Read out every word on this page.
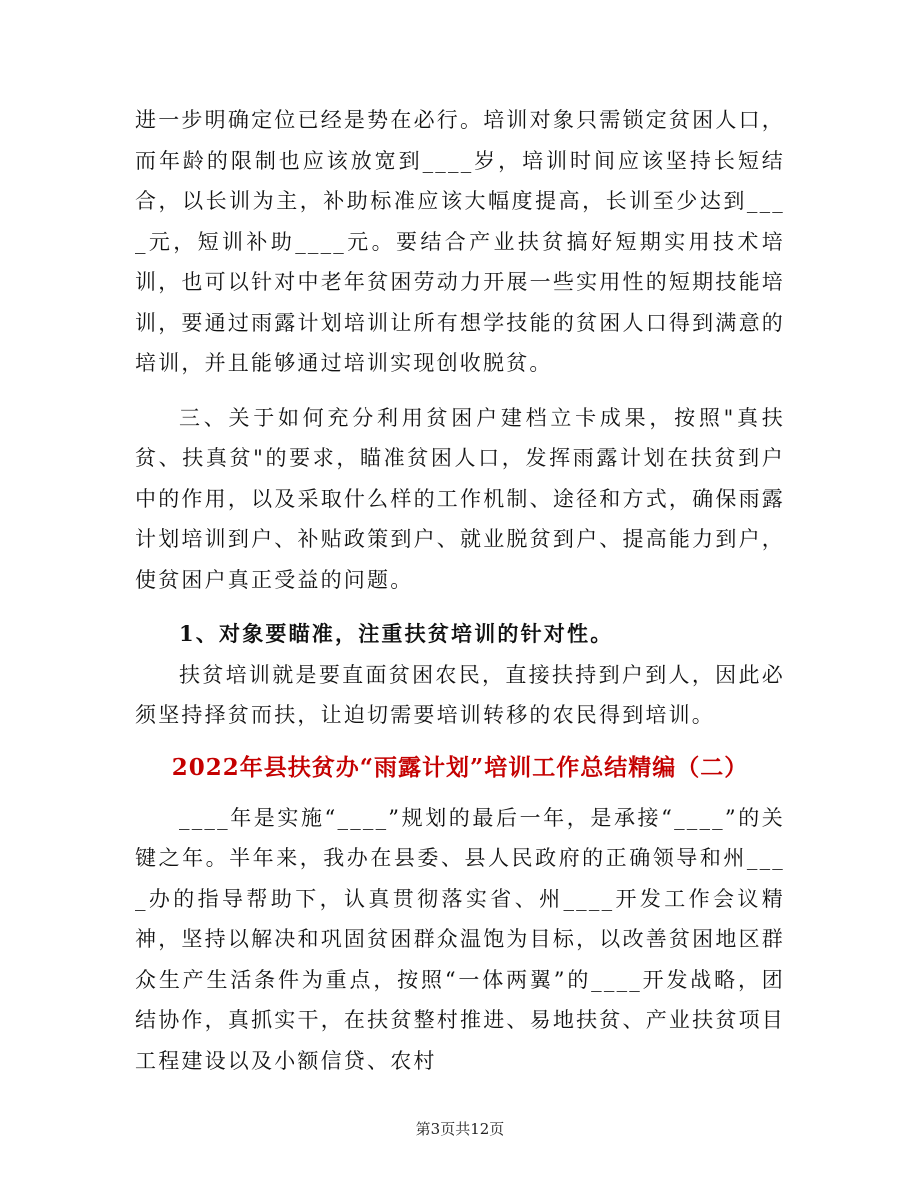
进一步明确定位已经是势在必行。培训对象只需锁定贫困人口，而年龄的限制也应该放宽到____岁，培训时间应该坚持长短结合，以长训为主，补助标准应该大幅度提高，长训至少达到____元，短训补助____元。要结合产业扶贫搞好短期实用技术培训，也可以针对中老年贫困劳动力开展一些实用性的短期技能培训，要通过雨露计划培训让所有想学技能的贫困人口得到满意的培训，并且能够通过培训实现创收脱贫。

三、关于如何充分利用贫困户建档立卡成果，按照"真扶贫、扶真贫"的要求，瞄准贫困人口，发挥雨露计划在扶贫到户中的作用，以及采取什么样的工作机制、途径和方式，确保雨露计划培训到户、补贴政策到户、就业脱贫到户、提高能力到户，使贫困户真正受益的问题。

1、对象要瞄准，注重扶贫培训的针对性。

扶贫培训就是要直面贫困农民，直接扶持到户到人，因此必须坚持择贫而扶，让迫切需要培训转移的农民得到培训。

2022年县扶贫办“雨露计划”培训工作总结精编（二）

____年是实施“____”规划的最后一年，是承接“____”的关键之年。半年来，我办在县委、县人民政府的正确领导和州____办的指导帮助下，认真贯彻落实省、州____开发工作会议精神，坚持以解决和巩固贫困群众温饱为目标，以改善贫困地区群众生产生活条件为重点，按照“一体两翼”的____开发战略，团结协作，真抓实干，在扶贫整村推进、易地扶贫、产业扶贫项目工程建设以及小额信贷、农村

第3页共12页
